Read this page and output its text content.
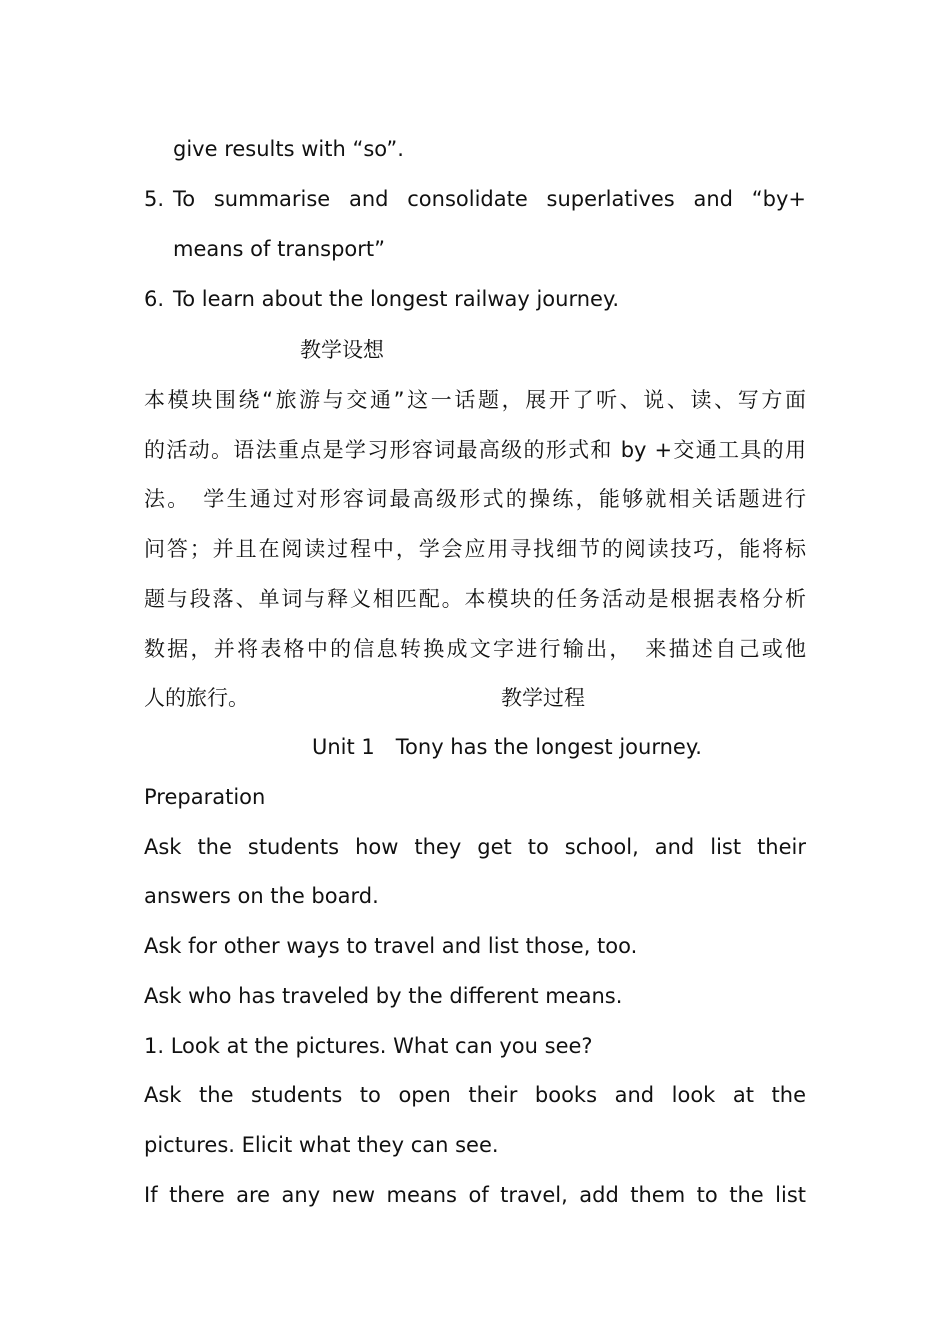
give results with “so”.
5. To summarise and consolidate superlatives and “by+
means of transport”
6. To learn about the longest railway journey.
教学设想
本模块围绕“旅游与交通”这一话题，展开了听、说、读、写方面
的活动。语法重点是学习形容词最高级的形式和 by +交通工具的用
法。　学生通过对形容词最高级形式的操练，能够就相关话题进行
问答；并且在阅读过程中，学会应用寻找细节的阅读技巧，能将标
题与段落、单词与释义相匹配。本模块的任务活动是根据表格分析
数据，并将表格中的信息转换成文字进行输出，　来描述自己或他
人的旅行。	教学过程
Unit 1　Tony has the longest journey.
Preparation
Ask the students how they get to school, and list their
answers on the board.
Ask for other ways to travel and list those, too.
Ask who has traveled by the different means.
1. Look at the pictures. What can you see?
Ask the students to open their books and look at the
pictures. Elicit what they can see.
If there are any new means of travel, add them to the list
